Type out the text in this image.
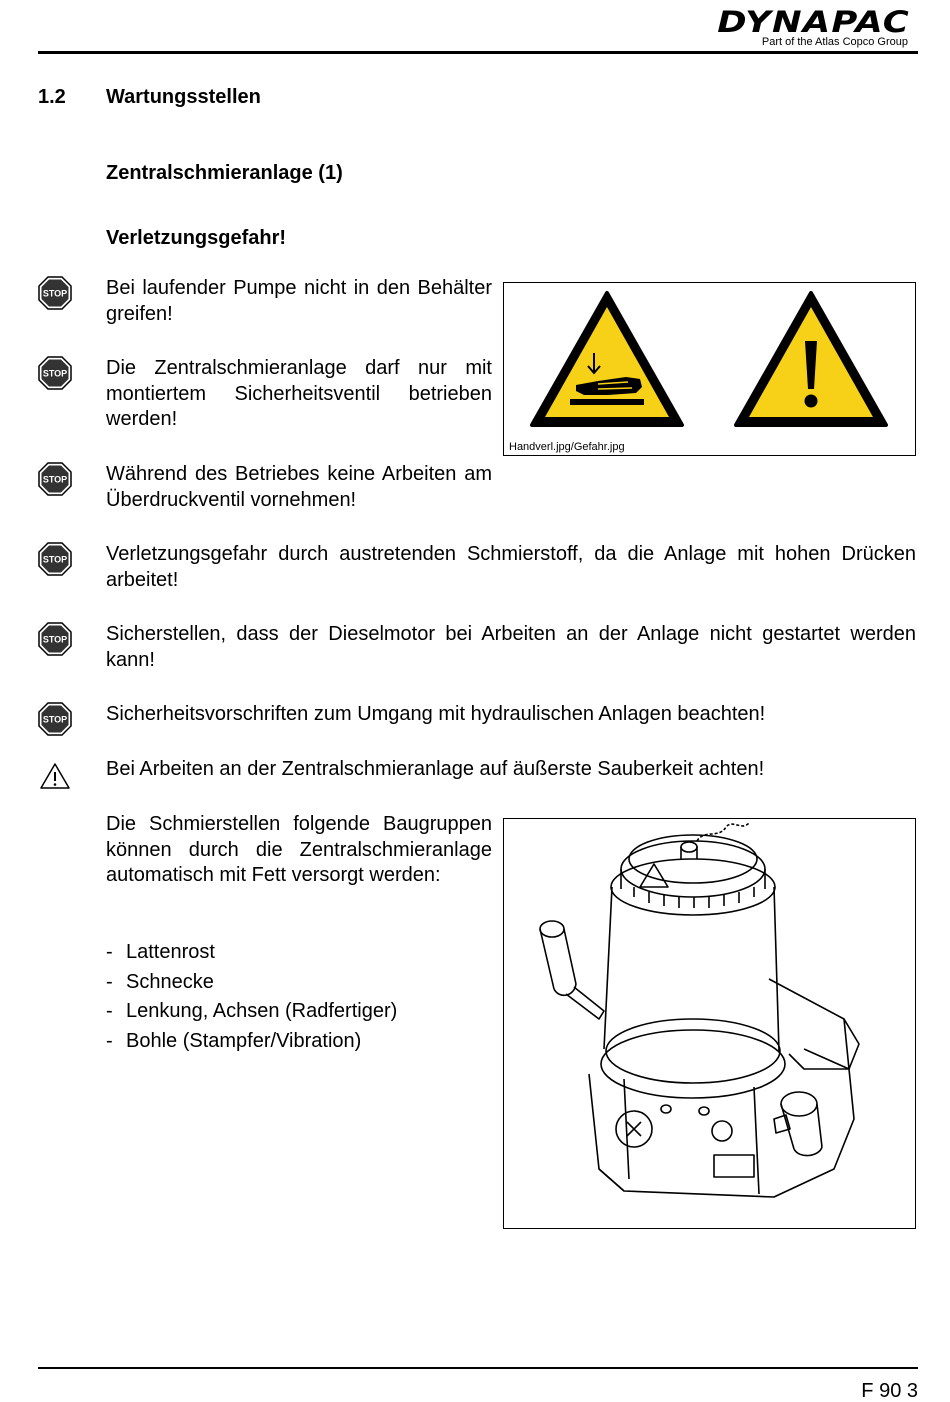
DYNAPAC
Part of the Atlas Copco Group
1.2 Wartungsstellen
Zentralschmieranlage (1)
Verletzungsgefahr!
STOP Bei laufender Pumpe nicht in den Behälter greifen!
STOP Die Zentralschmieranlage darf nur mit montiertem Sicherheitsventil betrieben werden!
STOP Während des Betriebes keine Arbeiten am Überdruckventil vornehmen!
Handverl.jpg/Gefahr.jpg
STOP Verletzungsgefahr durch austretenden Schmierstoff, da die Anlage mit hohen Drücken arbeitet!
STOP Sicherstellen, dass der Dieselmotor bei Arbeiten an der Anlage nicht gestartet werden kann!
STOP Sicherheitsvorschriften zum Umgang mit hydraulischen Anlagen beachten!
Bei Arbeiten an der Zentralschmieranlage auf äußerste Sauberkeit achten!
Die Schmierstellen folgende Baugruppen können durch die Zentralschmieranlage automatisch mit Fett versorgt werden:
- Lattenrost
- Schnecke
- Lenkung, Achsen (Radfertiger)
- Bohle (Stampfer/Vibration)
F 90 3
